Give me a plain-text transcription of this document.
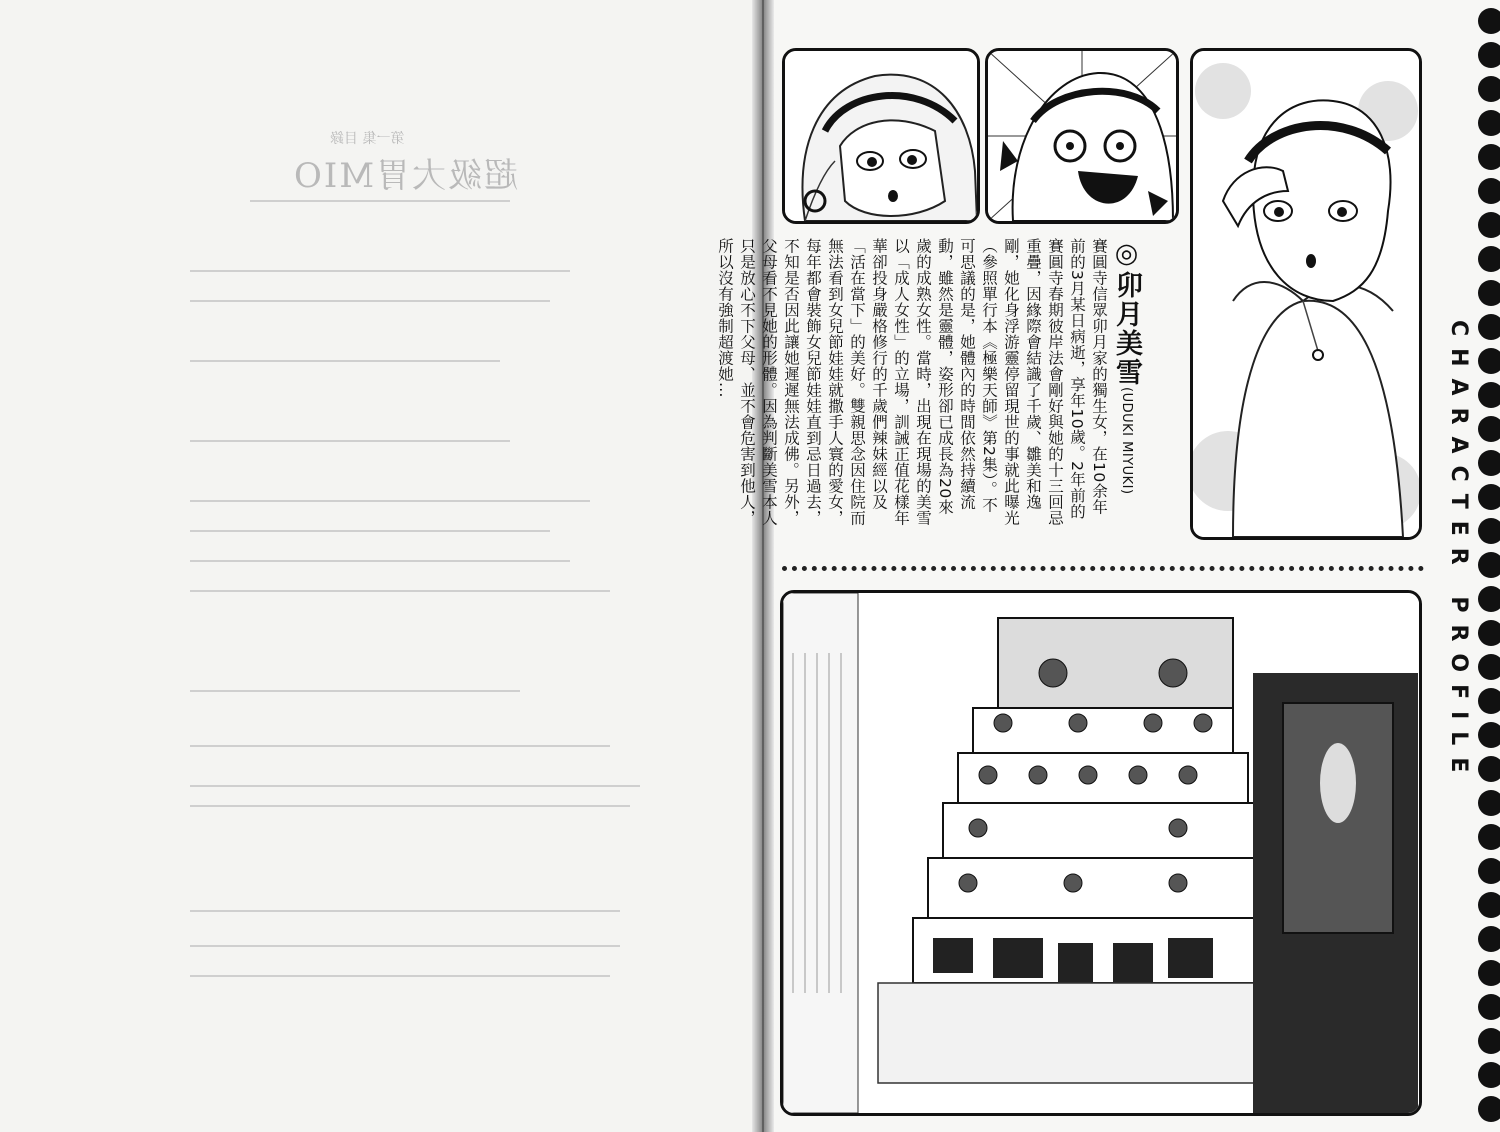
第一集 目錄
超級大胃MIO
◎卯月美雪(UDUKI MIYUKI)
賽圓寺信眾卯月家的獨生女，在10余年前的3月某日病逝，享年10歲。2年前的賽圓寺春期彼岸法會剛好與她的十三回忌重疊，因緣際會結識了千歲、雛美和逸剛，她化身浮游靈停留現世的事就此曝光（參照單行本《極樂天師》第2集）。不可思議的是，她體內的時間依然持續流動，雖然是靈體，姿形卻已成長為20來歲的成熟女性。當時，出現在現場的美雪以「成人女性」的立場，訓誡正值花樣年華卻投身嚴格修行的千歲們辣妹經以及「活在當下」的美好。雙親思念因住院而無法看到女兒節娃娃就撒手人寰的愛女，每年都會裝飾女兒節娃娃直到忌日過去，不知是否因此讓她遲遲無法成佛。另外，父母看不見她的形體。因為判斷美雪本人只是放心不下父母、並不會危害到他人，所以沒有強制超渡她…
CHARACTER PROFILE
